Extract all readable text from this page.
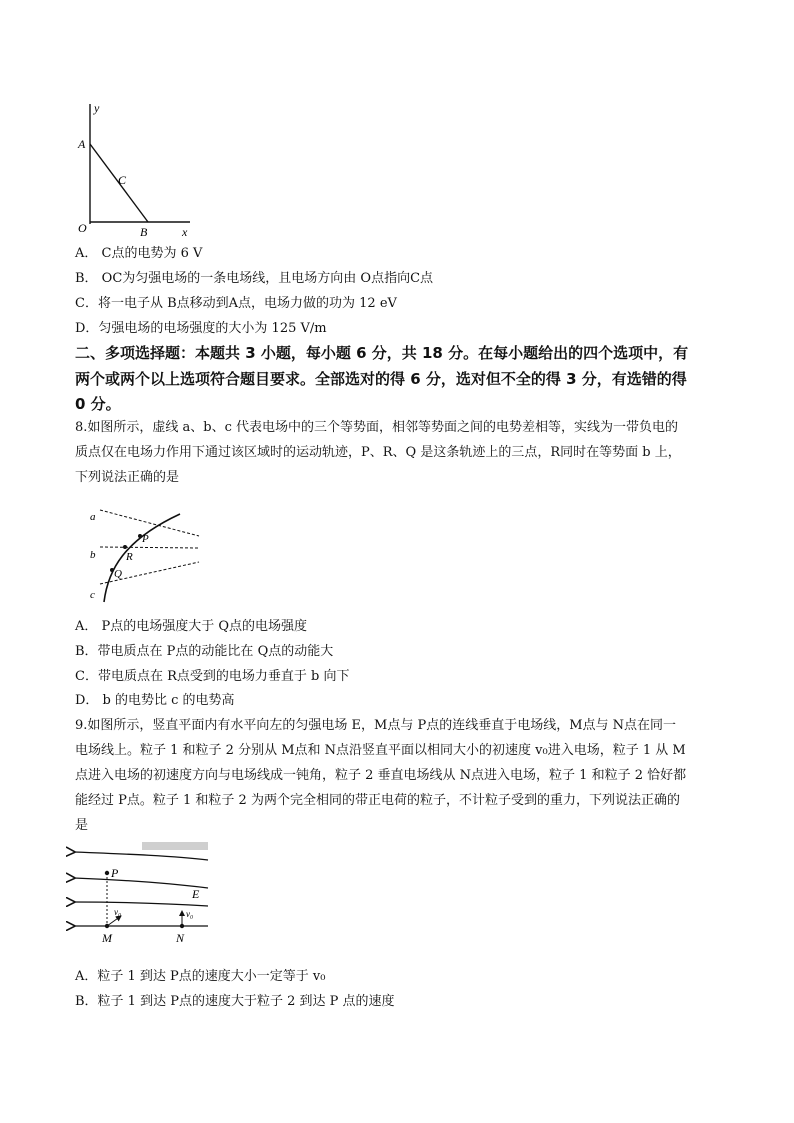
y
x
A
C
O	B
A． C点的电势为 6 V
B． OC为匀强电场的一条电场线，且电场方向由 O点指向C点
C．将一电子从 B点移动到A点，电场力做的功为 12 eV
D．匀强电场的电场强度的大小为 125 V/m
二、多项选择题：本题共 3 小题，每小题 6 分，共 18 分。在每小题给出的四个选项中，有
两个或两个以上选项符合题目要求。全部选对的得 6 分，选对但不全的得 3 分，有选错的得
0 分。
8.如图所示，虚线 a、b、c 代表电场中的三个等势面，相邻等势面之间的电势差相等，实线为一带负电的
质点仅在电场力作用下通过该区域时的运动轨迹，P、R、Q 是这条轨迹上的三点，R同时在等势面 b 上，
下列说法正确的是
a
b
c
P
R
Q
A． P点的电场强度大于 Q点的电场强度
B．带电质点在 P点的动能比在 Q点的动能大
C．带电质点在 R点受到的电场力垂直于 b 向下
D． b 的电势比 c 的电势高
9.如图所示，竖直平面内有水平向左的匀强电场 E，M点与 P点的连线垂直于电场线，M点与 N点在同一
电场线上。粒子 1 和粒子 2 分别从 M点和 N点沿竖直平面以相同大小的初速度 v₀进入电场，粒子 1 从 M
点进入电场的初速度方向与电场线成一钝角，粒子 2 垂直电场线从 N点进入电场，粒子 1 和粒子 2 恰好都
能经过 P点。粒子 1 和粒子 2 为两个完全相同的带正电荷的粒子，不计粒子受到的重力，下列说法正确的
是
P
E
v₀	v₀
M	N
A．粒子 1 到达 P点的速度大小一定等于 v₀
B．粒子 1 到达 P点的速度大于粒子 2 到达 P 点的速度
